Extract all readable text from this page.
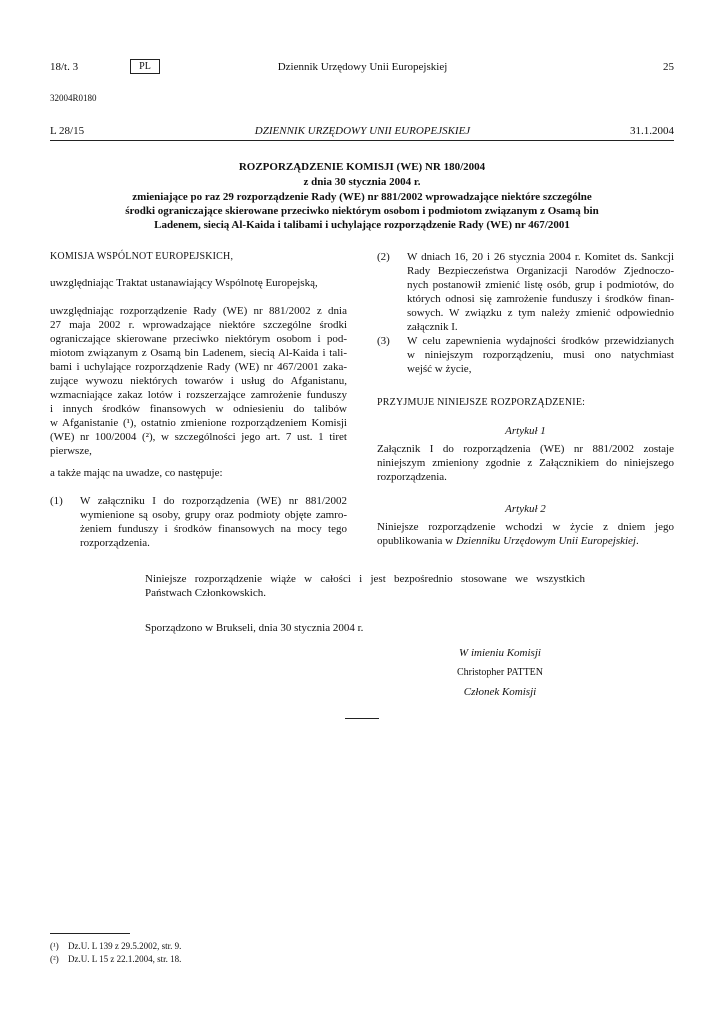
18/t. 3	PL	Dziennik Urzędowy Unii Europejskiej	25
32004R0180
L 28/15	DZIENNIK URZĘDOWY UNII EUROPEJSKIEJ	31.1.2004
ROZPORZĄDZENIE KOMISJI (WE) NR 180/2004
z dnia 30 stycznia 2004 r.
zmieniające po raz 29 rozporządzenie Rady (WE) nr 881/2002 wprowadzające niektóre szczególne
środki ograniczające skierowane przeciwko niektórym osobom i podmiotom związanym z Osamą bin
Ladenem, siecią Al-Kaida i talibami i uchylające rozporządzenie Rady (WE) nr 467/2001
KOMISJA WSPÓLNOT EUROPEJSKICH,
uwzględniając Traktat ustanawiający Wspólnotę Europejską,
uwzględniając rozporządzenie Rady (WE) nr 881/2002 z dnia
27 maja 2002 r. wprowadzające niektóre szczególne środki
ograniczające skierowane przeciwko niektórym osobom i pod-
miotom związanym z Osamą bin Ladenem, siecią Al-Kaida i tali-
bami i uchylające rozporządzenie Rady (WE) nr 467/2001 zaka-
zujące wywozu niektórych towarów i usług do Afganistanu,
wzmacniające zakaz lotów i rozszerzające zamrożenie funduszy
i innych środków finansowych w odniesieniu do talibów
w Afganistanie (¹), ostatnio zmienione rozporządzeniem Komisji
(WE) nr 100/2004 (²), w szczególności jego art. 7 ust. 1 tiret
pierwsze,
a także mając na uwadze, co następuje:
(1) W załączniku I do rozporządzenia (WE) nr 881/2002
wymienione są osoby, grupy oraz podmioty objęte zamro-
żeniem funduszy i środków finansowych na mocy tego
rozporządzenia.
(2) W dniach 16, 20 i 26 stycznia 2004 r. Komitet ds. Sankcji
Rady Bezpieczeństwa Organizacji Narodów Zjednoczo-
nych postanowił zmienić listę osób, grup i podmiotów, do
których odnosi się zamrożenie funduszy i środków finan-
sowych. W związku z tym należy zmienić odpowiednio
załącznik I.
(3) W celu zapewnienia wydajności środków przewidzianych
w niniejszym rozporządzeniu, musi ono natychmiast
wejść w życie,
PRZYJMUJE NINIEJSZE ROZPORZĄDZENIE:
Artykuł 1
Załącznik I do rozporządzenia (WE) nr 881/2002 zostaje
niniejszym zmieniony zgodnie z Załącznikiem do niniejszego
rozporządzenia.
Artykuł 2
Niniejsze rozporządzenie wchodzi w życie z dniem jego
opublikowania w Dzienniku Urzędowym Unii Europejskiej.
Niniejsze rozporządzenie wiąże w całości i jest bezpośrednio stosowane we wszystkich
Państwach Członkowskich.
Sporządzono w Brukseli, dnia 30 stycznia 2004 r.
W imieniu Komisji
Christopher PATTEN
Członek Komisji
(¹) Dz.U. L 139 z 29.5.2002, str. 9.
(²) Dz.U. L 15 z 22.1.2004, str. 18.
